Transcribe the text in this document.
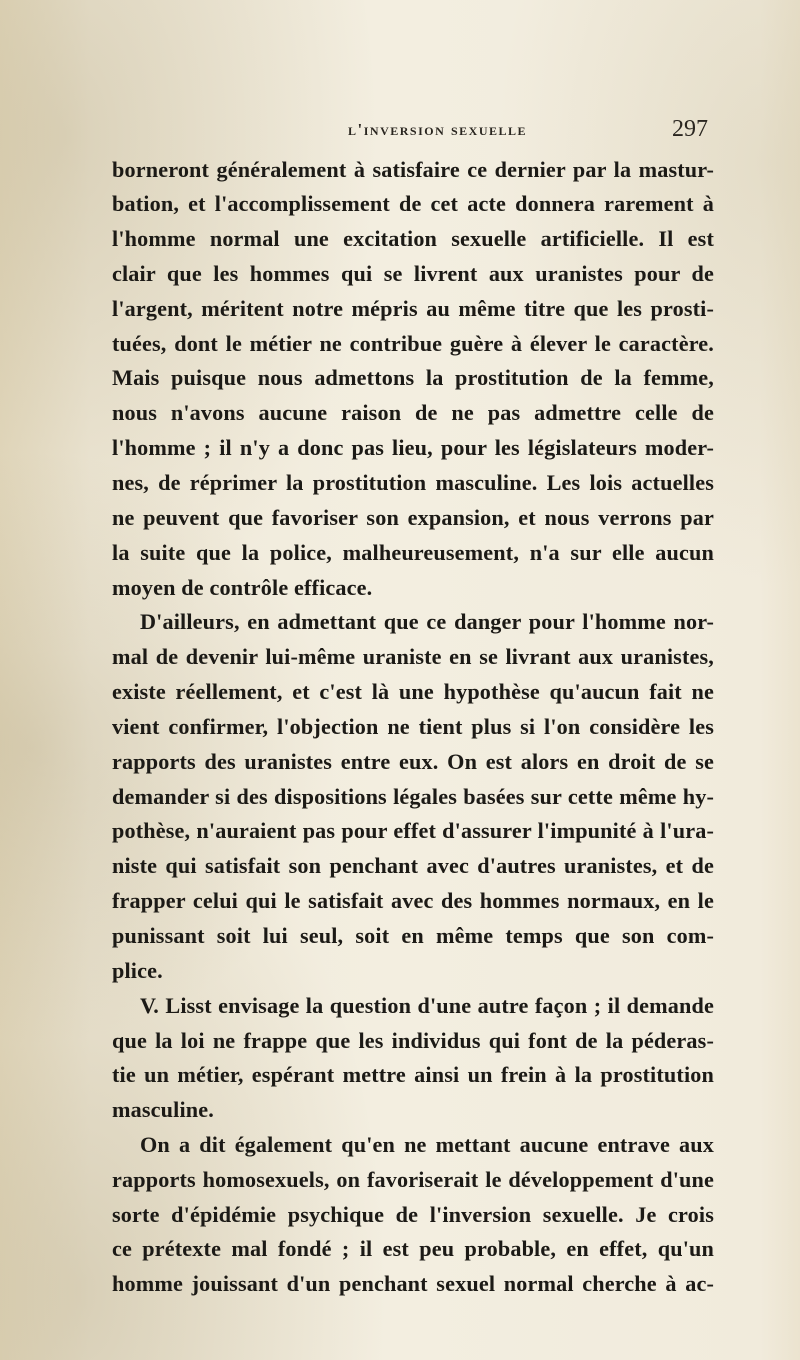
l'inversion sexuelle	297
borneront généralement à satisfaire ce dernier par la mastur-
bation, et l'accomplissement de cet acte donnera rarement à
l'homme normal une excitation sexuelle artificielle. Il est
clair que les hommes qui se livrent aux uranistes pour de
l'argent, méritent notre mépris au même titre que les prosti-
tuées, dont le métier ne contribue guère à élever le caractère.
Mais puisque nous admettons la prostitution de la femme,
nous n'avons aucune raison de ne pas admettre celle de
l'homme ; il n'y a donc pas lieu, pour les législateurs moder-
nes, de réprimer la prostitution masculine. Les lois actuelles
ne peuvent que favoriser son expansion, et nous verrons par
la suite que la police, malheureusement, n'a sur elle aucun
moyen de contrôle efficace.
D'ailleurs, en admettant que ce danger pour l'homme nor-
mal de devenir lui-même uraniste en se livrant aux uranistes,
existe réellement, et c'est là une hypothèse qu'aucun fait ne
vient confirmer, l'objection ne tient plus si l'on considère les
rapports des uranistes entre eux. On est alors en droit de se
demander si des dispositions légales basées sur cette même hy-
pothèse, n'auraient pas pour effet d'assurer l'impunité à l'ura-
niste qui satisfait son penchant avec d'autres uranistes, et de
frapper celui qui le satisfait avec des hommes normaux, en le
punissant soit lui seul, soit en même temps que son com-
plice.
V. Lisst envisage la question d'une autre façon ; il demande
que la loi ne frappe que les individus qui font de la péderas-
tie un métier, espérant mettre ainsi un frein à la prostitution
masculine.
On a dit également qu'en ne mettant aucune entrave aux
rapports homosexuels, on favoriserait le développement d'une
sorte d'épidémie psychique de l'inversion sexuelle. Je crois
ce prétexte mal fondé ; il est peu probable, en effet, qu'un
homme jouissant d'un penchant sexuel normal cherche à ac-
